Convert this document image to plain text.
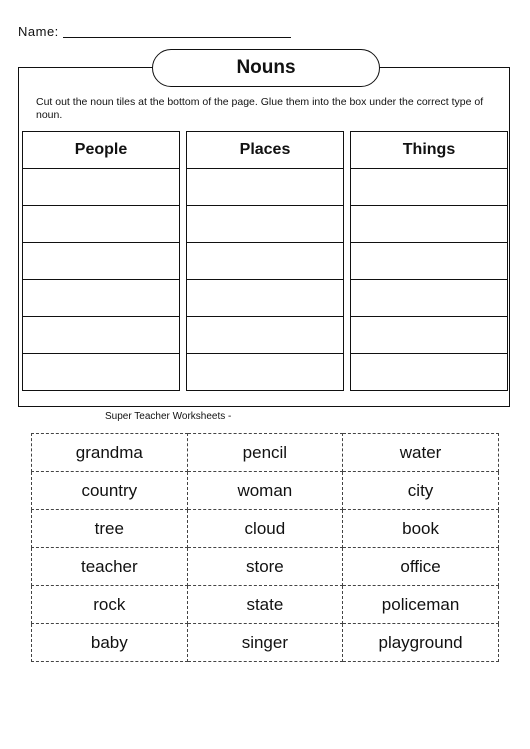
Name:
Nouns
Cut out the noun tiles at the bottom of the page. Glue them into the box under the correct type of noun.
People	Places	Things
Super Teacher Worksheets -
grandma	pencil	water
country	woman	city
tree	cloud	book
teacher	store	office
rock	state	policeman
baby	singer	playground
